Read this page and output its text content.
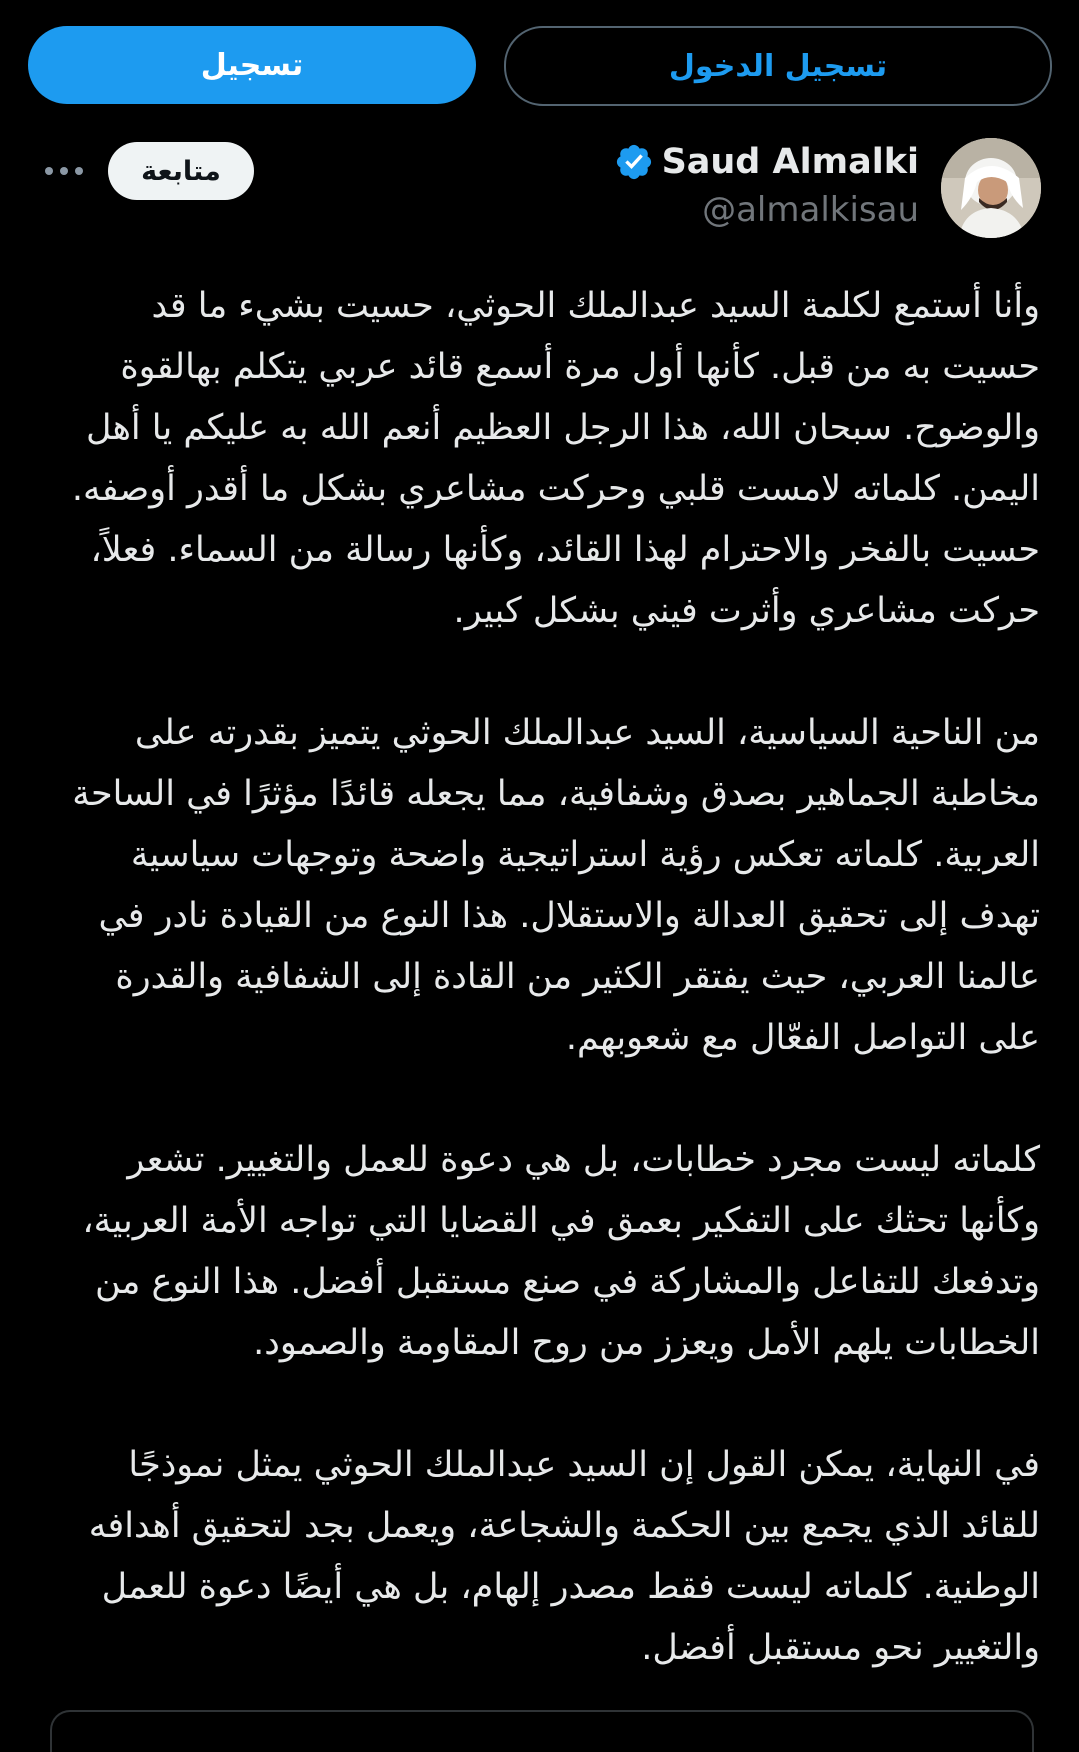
تسجيل	تسجيل الدخول
Saud Almalki
@almalkisau
متابعة

وأنا أستمع لكلمة السيد عبدالملك الحوثي، حسيت بشيء ما قد حسيت به من قبل. كأنها أول مرة أسمع قائد عربي يتكلم بهالقوة والوضوح. سبحان الله، هذا الرجل العظيم أنعم الله به عليكم يا أهل اليمن. كلماته لامست قلبي وحركت مشاعري بشكل ما أقدر أوصفه. حسيت بالفخر والاحترام لهذا القائد، وكأنها رسالة من السماء. فعلاً، حركت مشاعري وأثرت فيني بشكل كبير.

من الناحية السياسية، السيد عبدالملك الحوثي يتميز بقدرته على مخاطبة الجماهير بصدق وشفافية، مما يجعله قائدًا مؤثرًا في الساحة العربية. كلماته تعكس رؤية استراتيجية واضحة وتوجهات سياسية تهدف إلى تحقيق العدالة والاستقلال. هذا النوع من القيادة نادر في عالمنا العربي، حيث يفتقر الكثير من القادة إلى الشفافية والقدرة على التواصل الفعّال مع شعوبهم.

كلماته ليست مجرد خطابات، بل هي دعوة للعمل والتغيير. تشعر وكأنها تحثك على التفكير بعمق في القضايا التي تواجه الأمة العربية، وتدفعك للتفاعل والمشاركة في صنع مستقبل أفضل. هذا النوع من الخطابات يلهم الأمل ويعزز من روح المقاومة والصمود.

في النهاية، يمكن القول إن السيد عبدالملك الحوثي يمثل نموذجًا للقائد الذي يجمع بين الحكمة والشجاعة، ويعمل بجد لتحقيق أهدافه الوطنية. كلماته ليست فقط مصدر إلهام، بل هي أيضًا دعوة للعمل والتغيير نحو مستقبل أفضل.
